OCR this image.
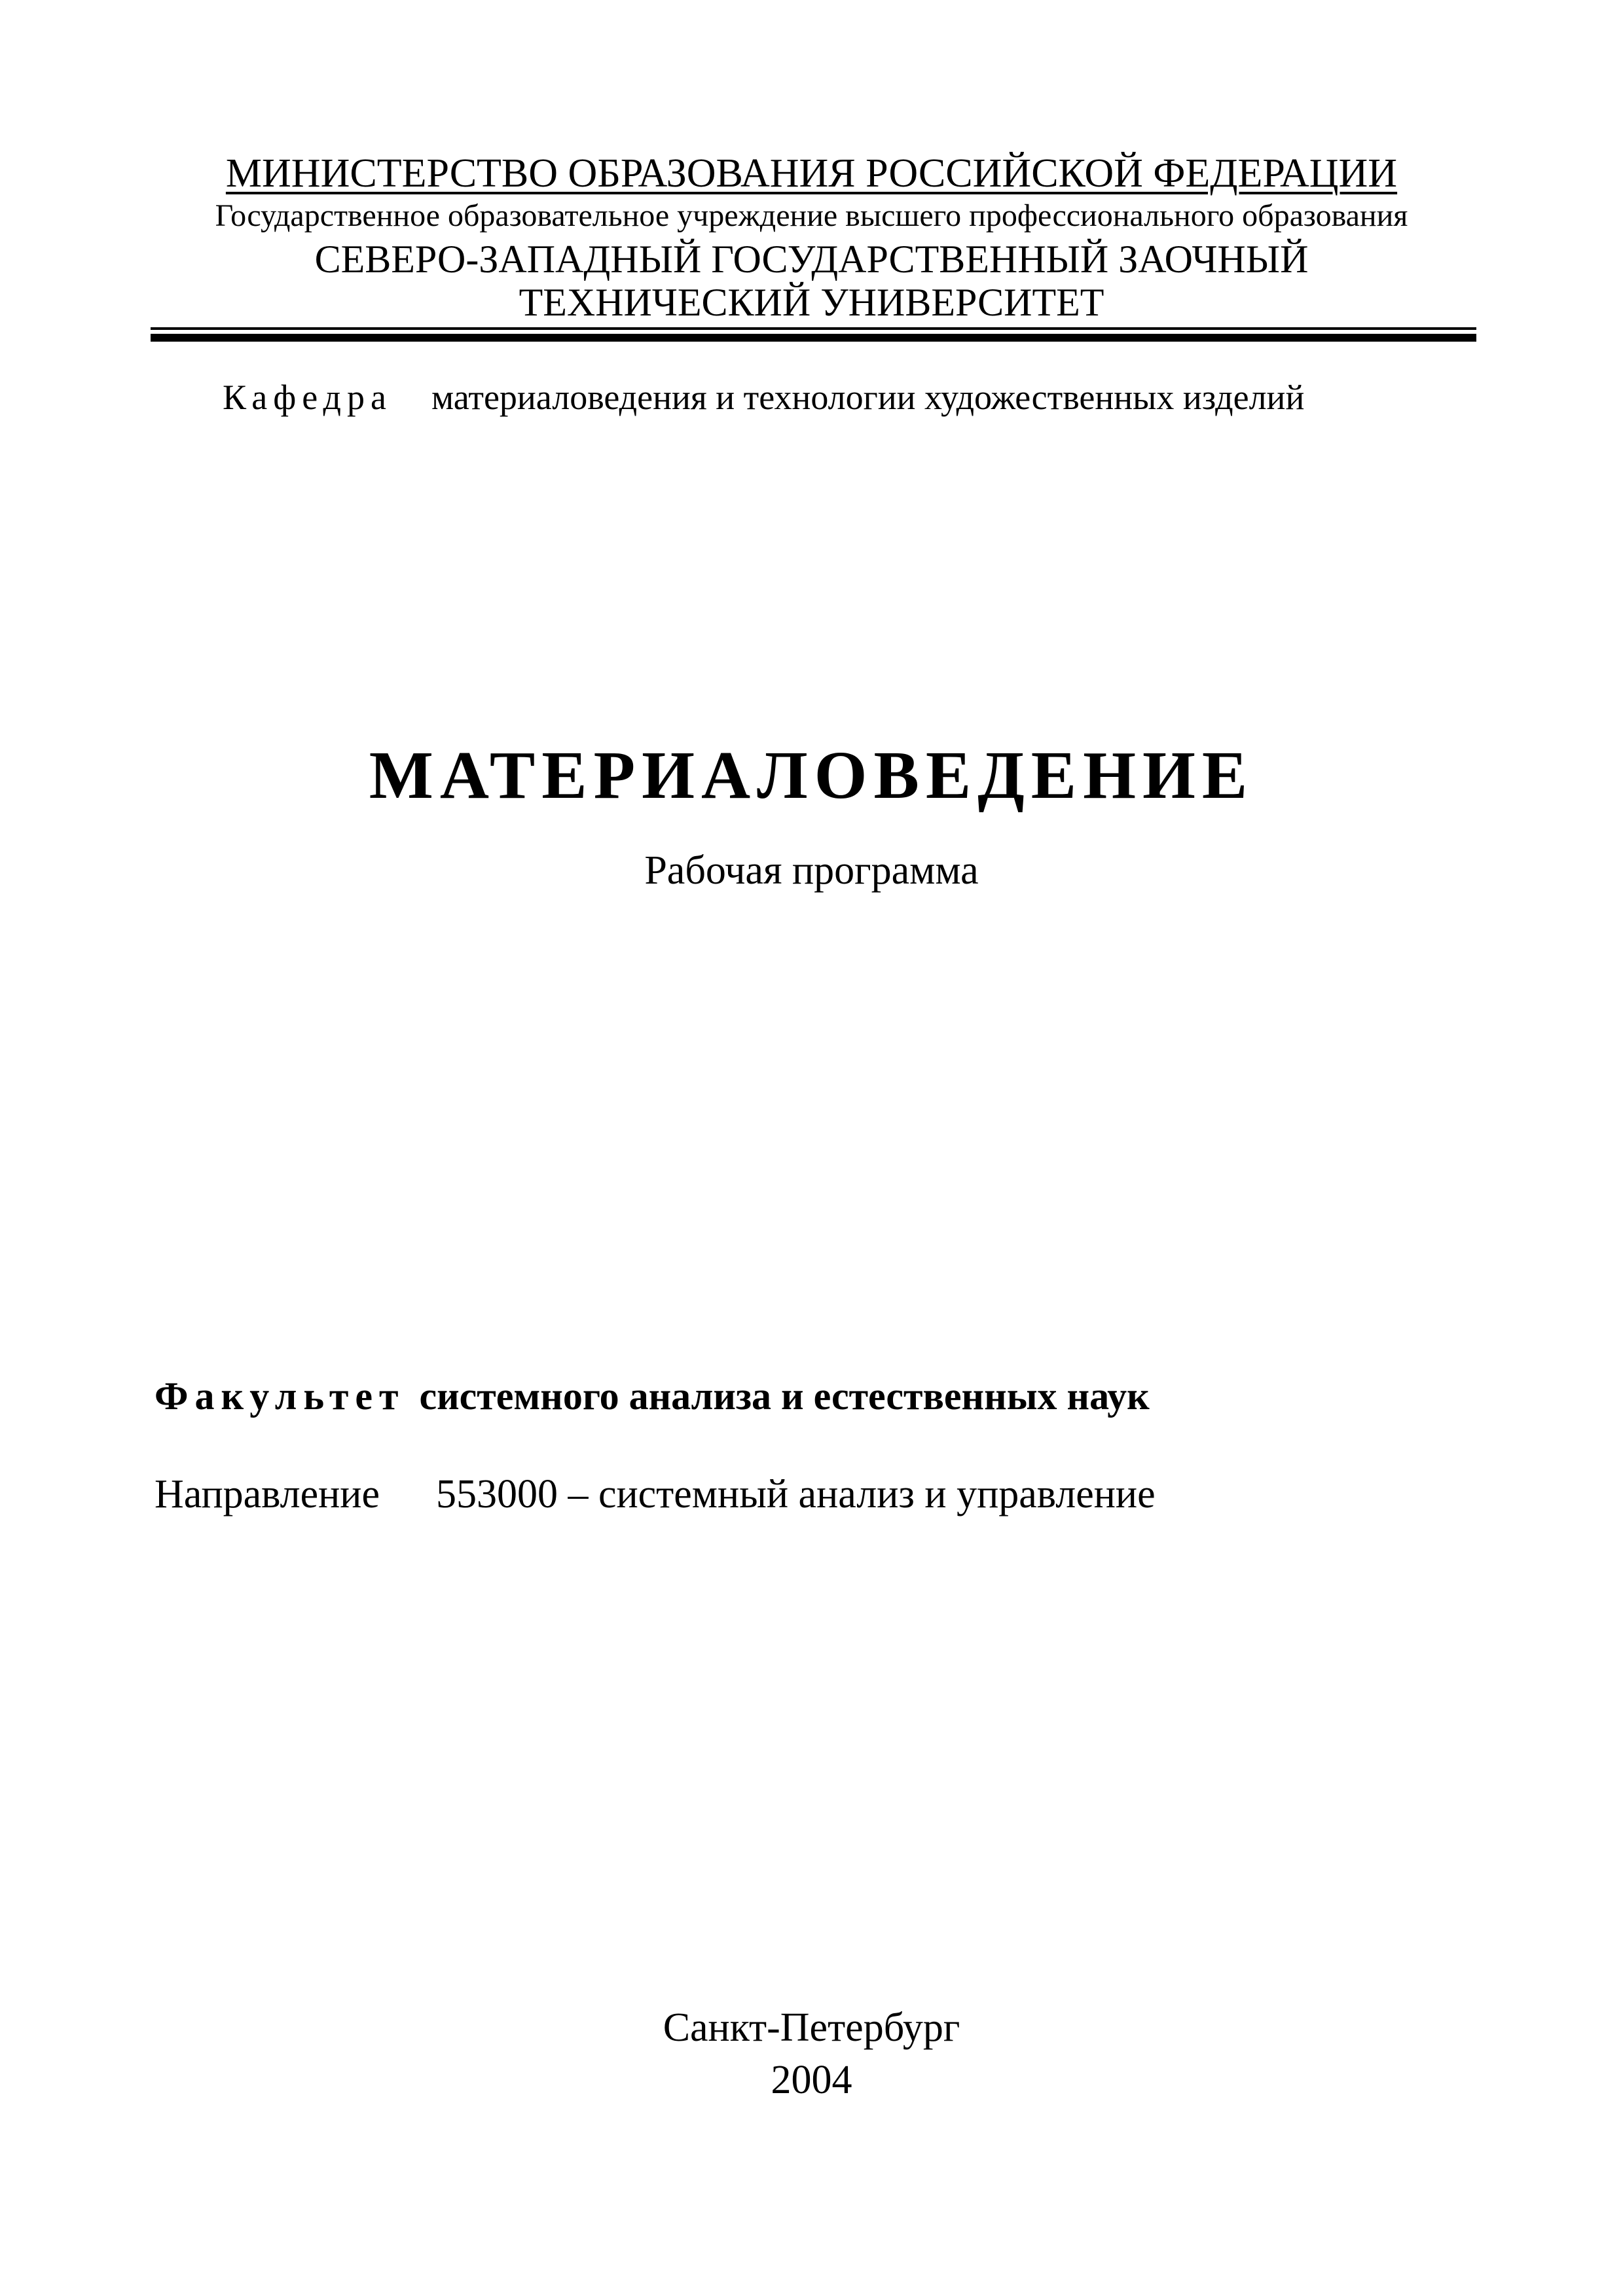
МИНИСТЕРСТВО ОБРАЗОВАНИЯ РОССИЙСКОЙ ФЕДЕРАЦИИ
Государственное образовательное учреждение высшего профессионального образования
СЕВЕРО-ЗАПАДНЫЙ ГОСУДАРСТВЕННЫЙ ЗАОЧНЫЙ
ТЕХНИЧЕСКИЙ УНИВЕРСИТЕТ
Кафедра материаловедения и технологии художественных изделий
МАТЕРИАЛОВЕДЕНИЕ
Рабочая программа
Факультет системного анализа и естественных наук
Направление 553000 – системный анализ и управление
Санкт-Петербург
2004
